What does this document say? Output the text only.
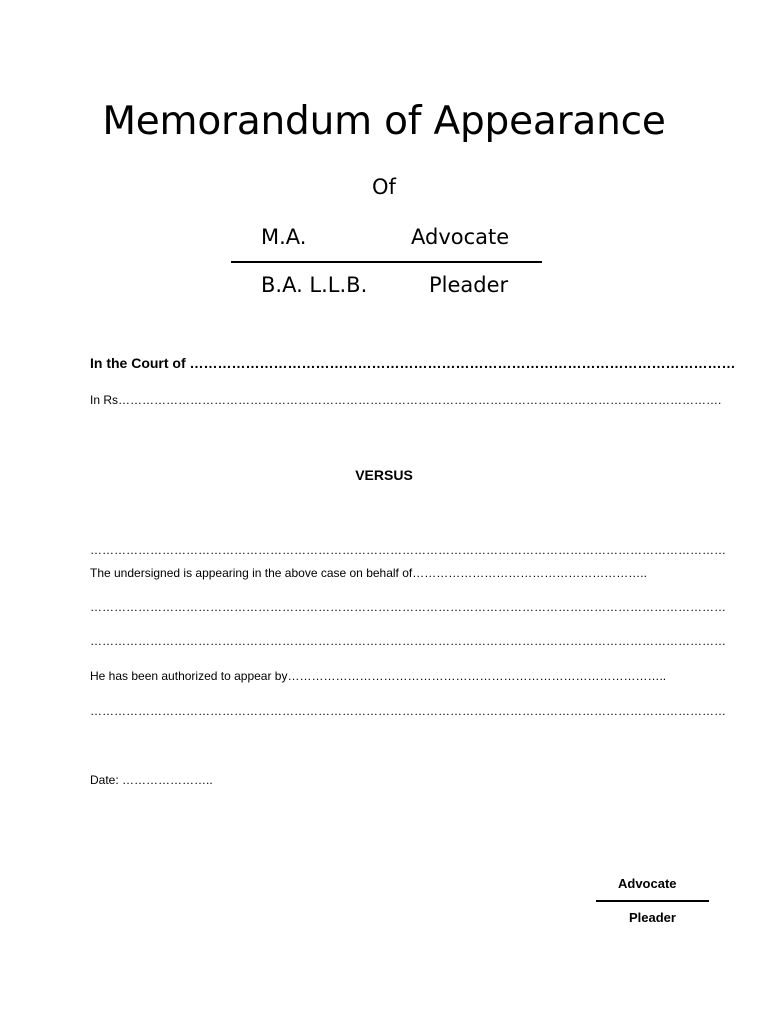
Memorandum of Appearance
Of
M.A.	Advocate
B.A. L.L.B.	Pleader
In the Court of ………………………………………………………………………………………………………
In Rs…………………………………………………………………………………………………………………………………….
VERSUS
……………………………………………………………………………………………………………………………………………
The undersigned is appearing in the above case on behalf of…………………………………………………..
……………………………………………………………………………………………………………………………………………
……………………………………………………………………………………………………………………………………………
He has been authorized to appear by…………………………………………………………………………………..
……………………………………………………………………………………………………………………………………………
Date: …………………..
Advocate
Pleader
